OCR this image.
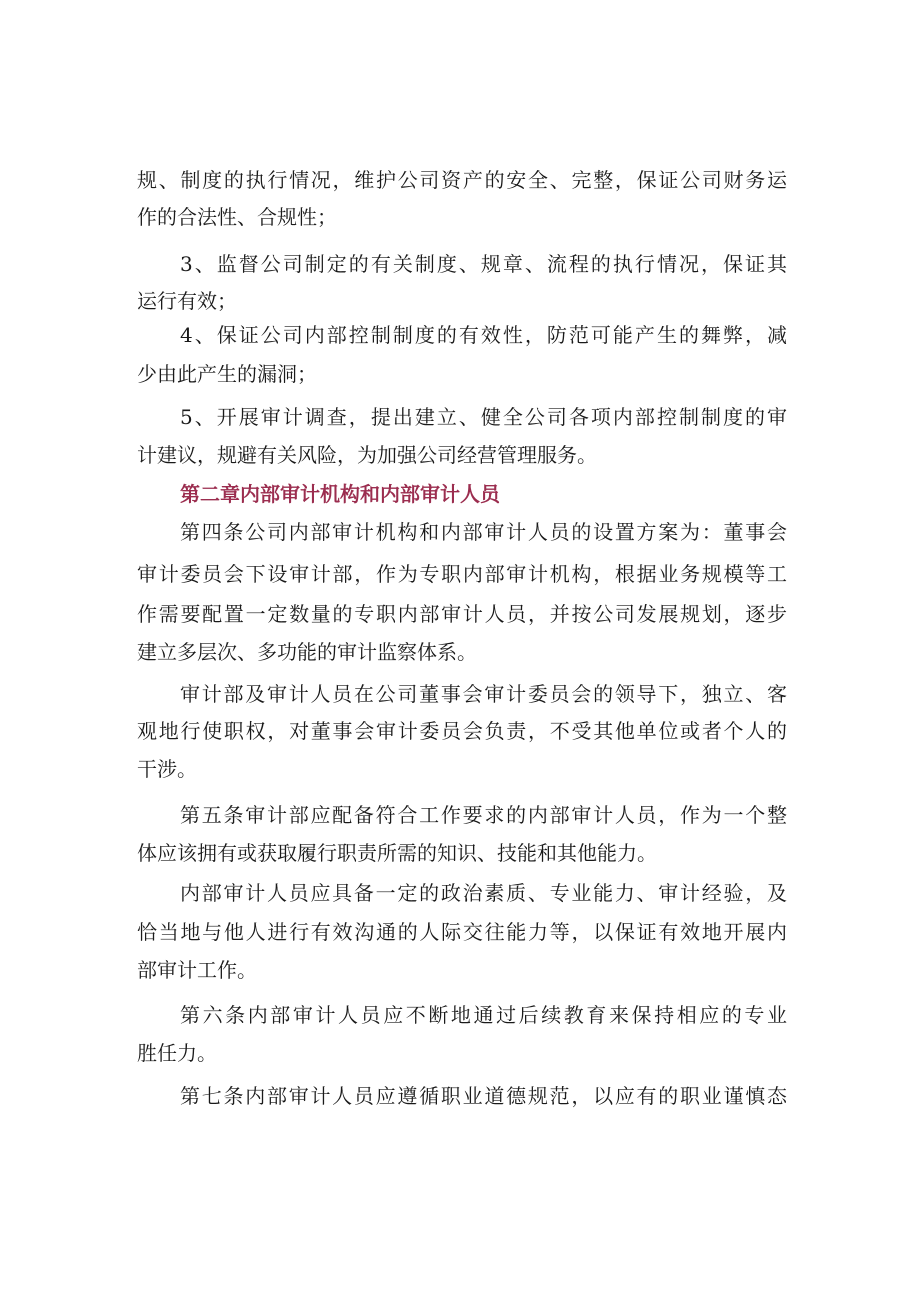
规、制度的执行情况，维护公司资产的安全、完整，保证公司财务运
作的合法性、合规性；
3、监督公司制定的有关制度、规章、流程的执行情况，保证其
运行有效；
4、保证公司内部控制制度的有效性，防范可能产生的舞弊，减
少由此产生的漏洞；
5、开展审计调查，提出建立、健全公司各项内部控制制度的审
计建议，规避有关风险，为加强公司经营管理服务。
第二章内部审计机构和内部审计人员
第四条公司内部审计机构和内部审计人员的设置方案为：董事会
审计委员会下设审计部，作为专职内部审计机构，根据业务规模等工
作需要配置一定数量的专职内部审计人员，并按公司发展规划，逐步
建立多层次、多功能的审计监察体系。
审计部及审计人员在公司董事会审计委员会的领导下，独立、客
观地行使职权，对董事会审计委员会负责，不受其他单位或者个人的
干涉。
第五条审计部应配备符合工作要求的内部审计人员，作为一个整
体应该拥有或获取履行职责所需的知识、技能和其他能力。
内部审计人员应具备一定的政治素质、专业能力、审计经验，及
恰当地与他人进行有效沟通的人际交往能力等，以保证有效地开展内
部审计工作。
第六条内部审计人员应不断地通过后续教育来保持相应的专业
胜任力。
第七条内部审计人员应遵循职业道德规范，以应有的职业谨慎态
